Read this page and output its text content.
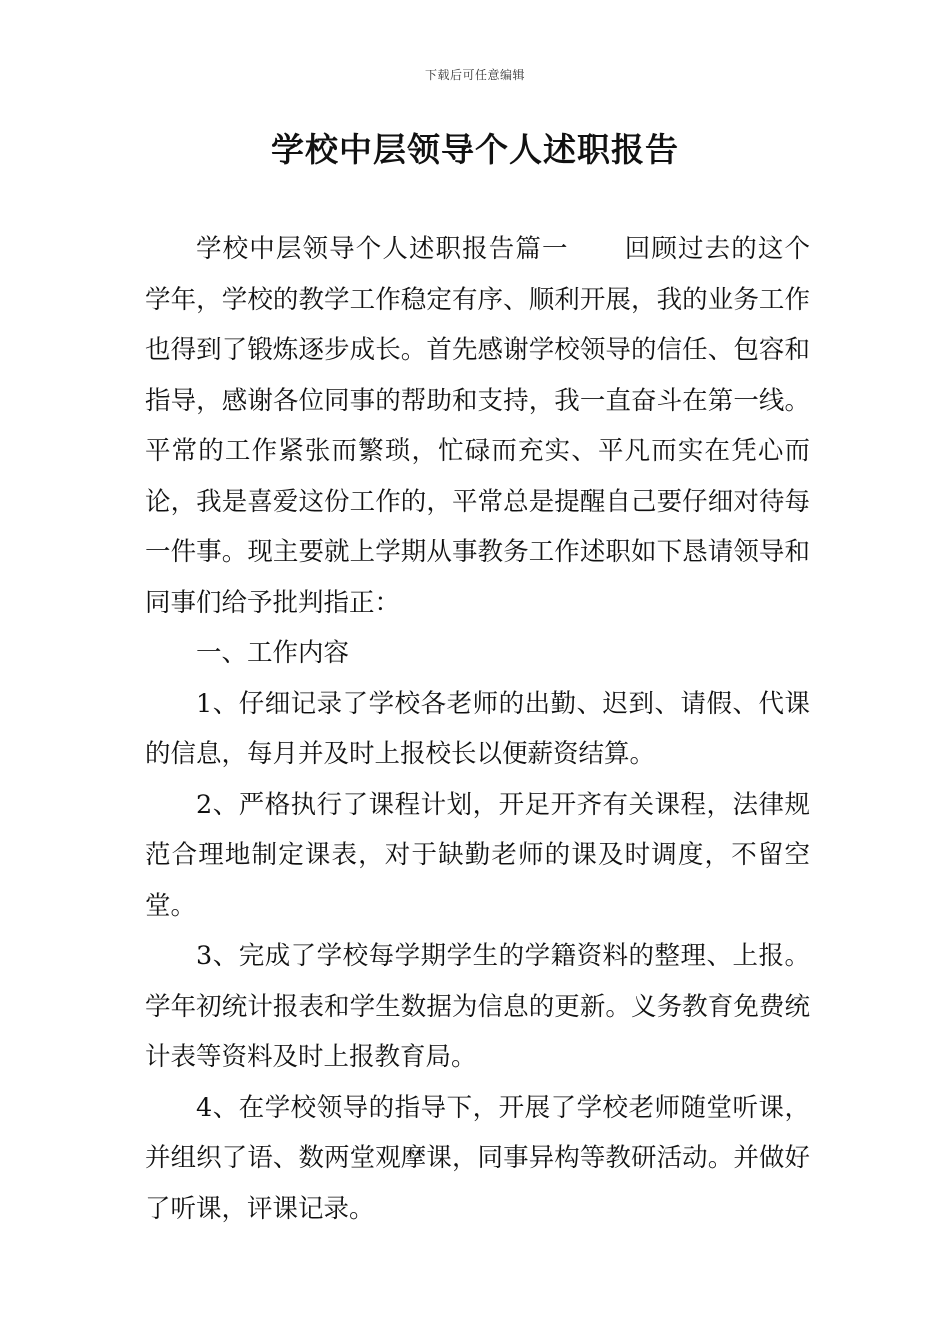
下载后可任意编辑
学校中层领导个人述职报告

学校中层领导个人述职报告篇一 回顾过去的这个学年，学校的教学工作稳定有序、顺利开展，我的业务工作也得到了锻炼逐步成长。首先感谢学校领导的信任、包容和指导，感谢各位同事的帮助和支持，我一直奋斗在第一线。平常的工作紧张而繁琐，忙碌而充实、平凡而实在凭心而论，我是喜爱这份工作的，平常总是提醒自己要仔细对待每一件事。现主要就上学期从事教务工作述职如下恳请领导和同事们给予批判指正：

一、工作内容

1、仔细记录了学校各老师的出勤、迟到、请假、代课的信息，每月并及时上报校长以便薪资结算。

2、严格执行了课程计划，开足开齐有关课程，法律规范合理地制定课表，对于缺勤老师的课及时调度，不留空堂。

3、完成了学校每学期学生的学籍资料的整理、上报。学年初统计报表和学生数据为信息的更新。义务教育免费统计表等资料及时上报教育局。

4、在学校领导的指导下，开展了学校老师随堂听课，并组织了语、数两堂观摩课，同事异构等教研活动。并做好了听课，评课记录。
